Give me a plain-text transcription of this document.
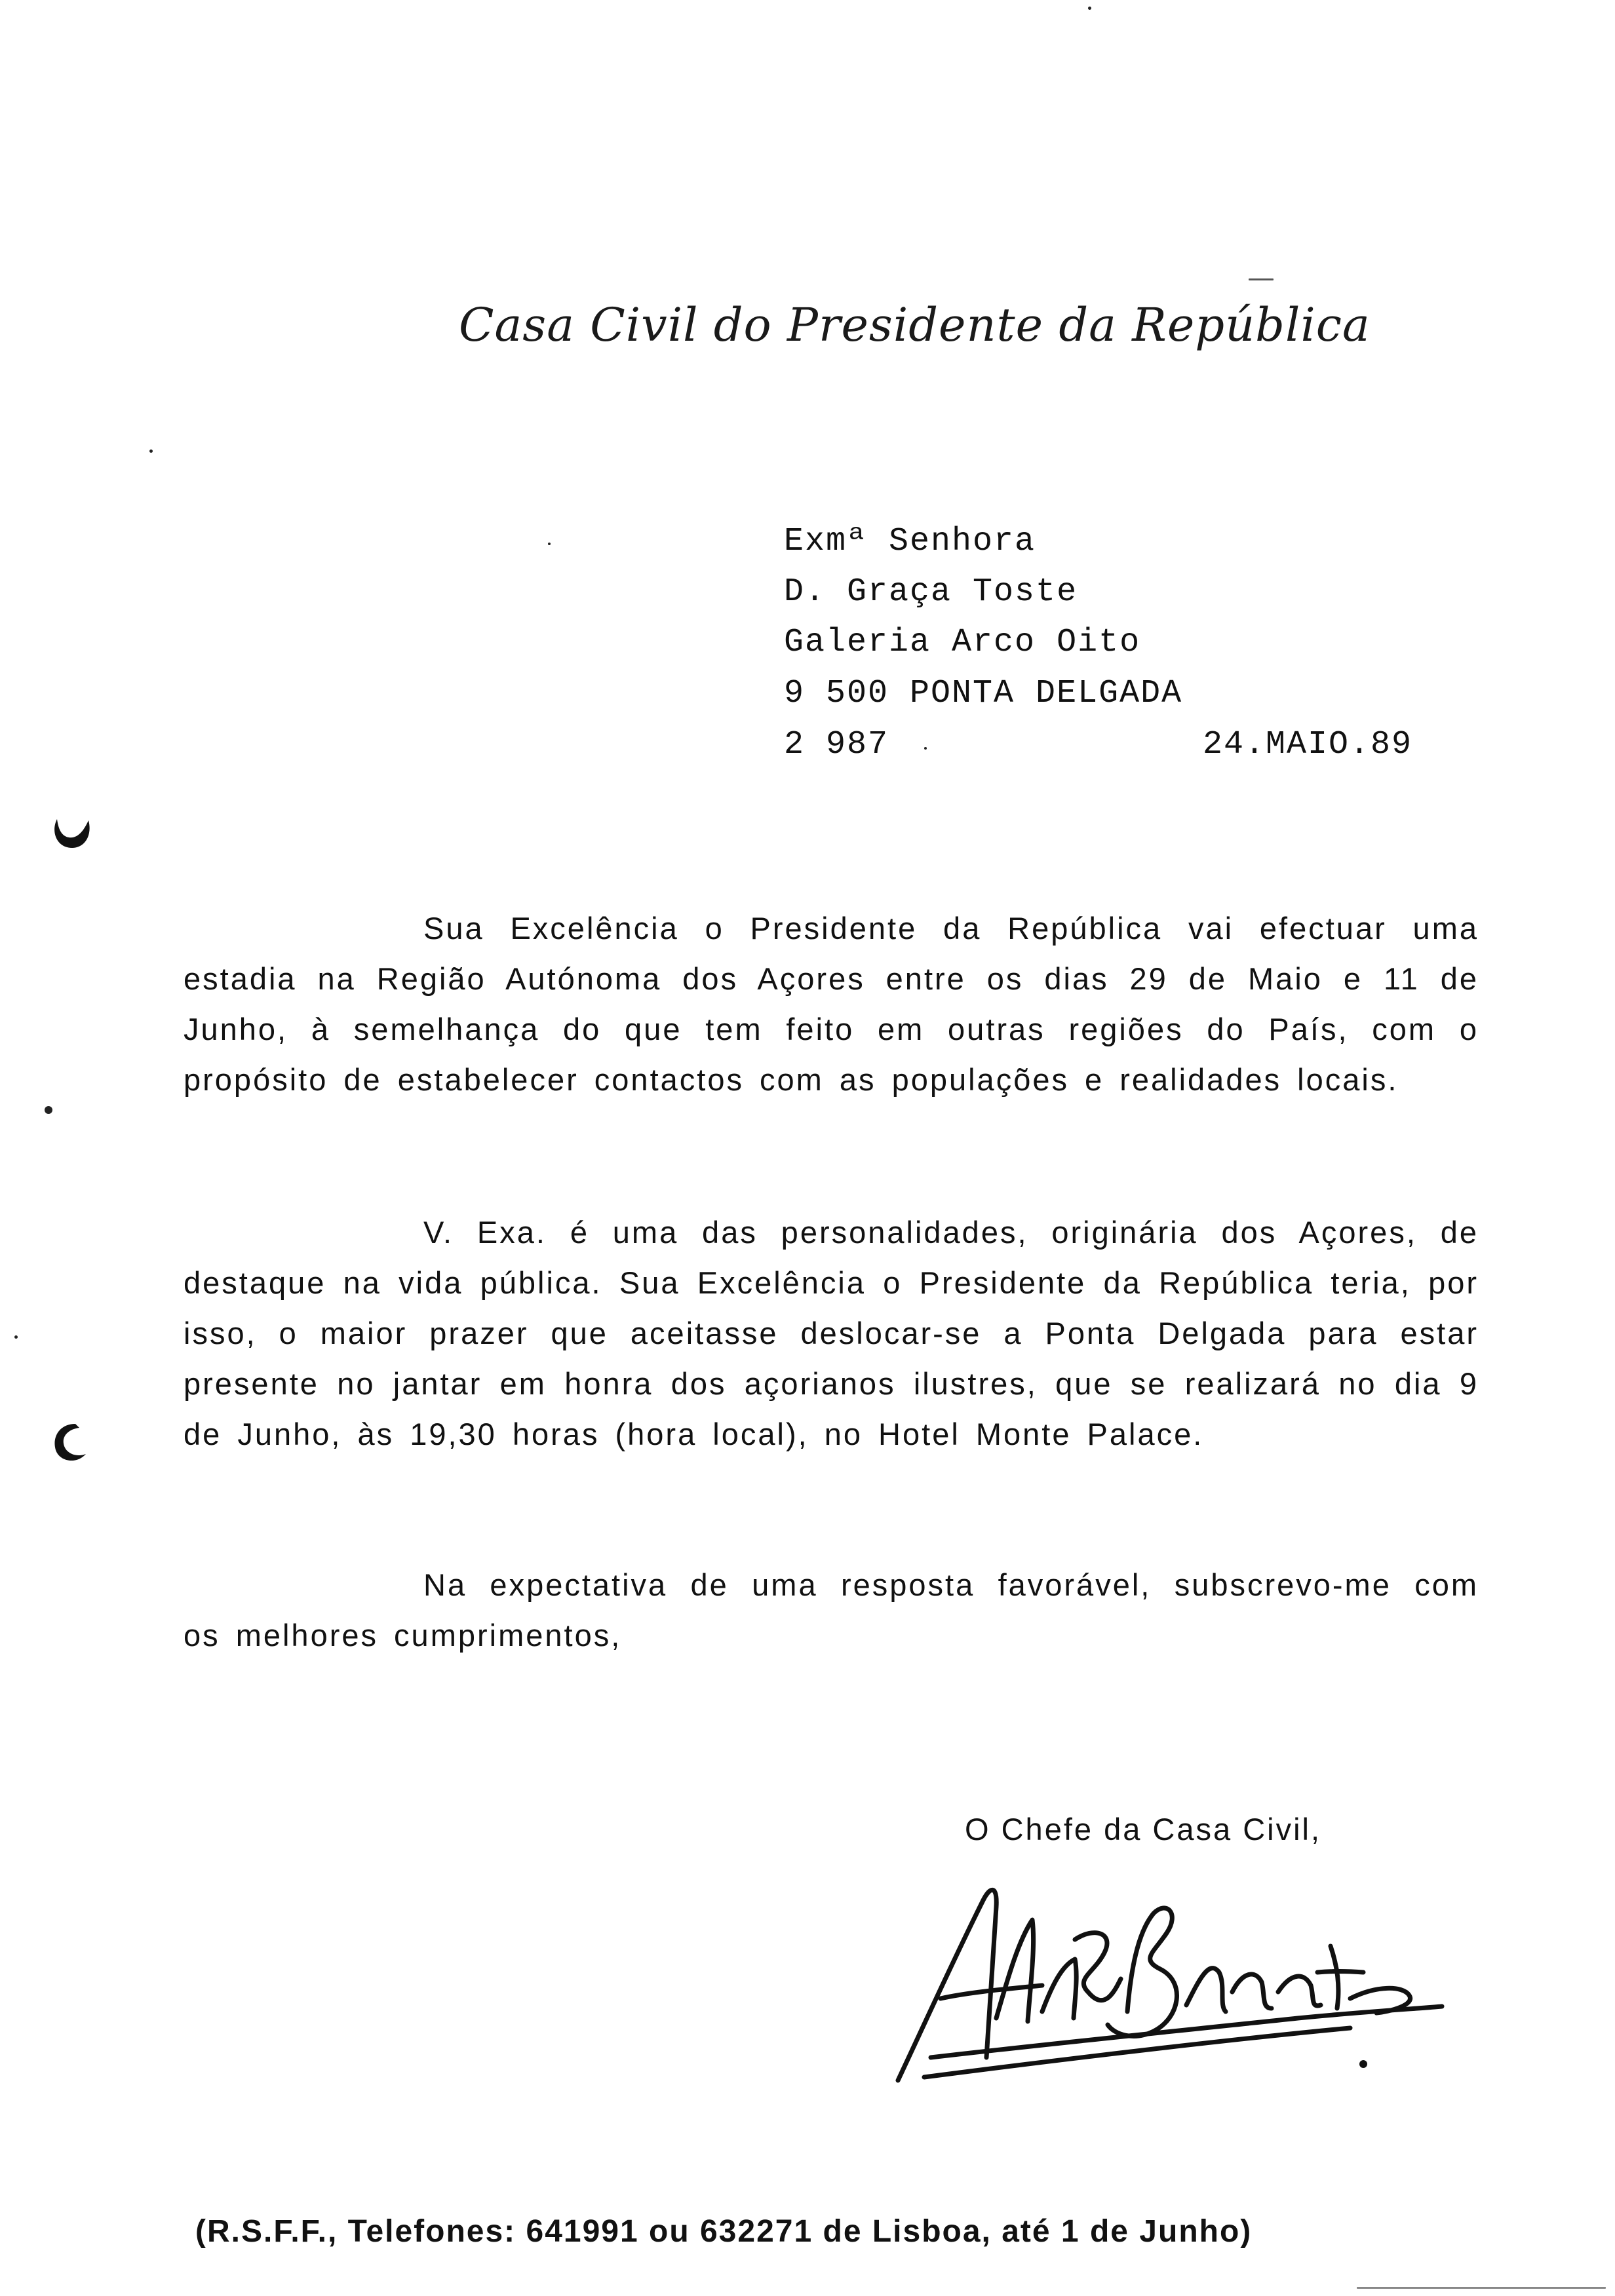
Casa Civil do Presidente da República
Exmª Senhora
D. Graça Toste
Galeria Arco Oito
9 500 PONTA DELGADA
2 987	24.MAIO.89

Sua Excelência o Presidente da República vai efectuar uma estadia na Região Autónoma dos Açores entre os dias 29 de Maio e 11 de Junho, à semelhança do que tem feito em outras regiões do País, com o propósito de estabelecer contactos com as populações e realidades locais.

V. Exa. é uma das personalidades, originária dos Açores, de destaque na vida pública. Sua Excelência o Presidente da República teria, por isso, o maior prazer que aceitasse deslocar-se a Ponta Delgada para estar presente no jantar em honra dos açorianos ilustres, que se realizará no dia 9 de Junho, às 19,30 horas (hora local), no Hotel Monte Palace.

Na expectativa de uma resposta favorável, subscrevo-me com os melhores cumprimentos,

O Chefe da Casa Civil,
(R.S.F.F., Telefones: 641991 ou 632271 de Lisboa, até 1 de Junho)
